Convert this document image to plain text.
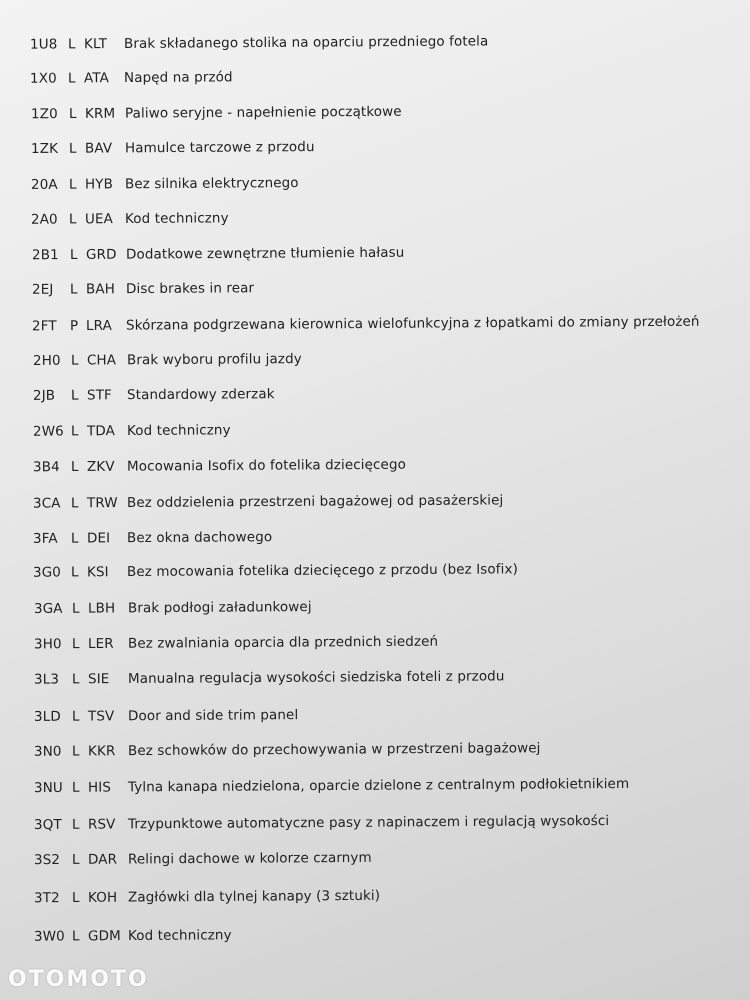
1U8 L KLT	Brak składanego stolika na oparciu przedniego fotela
1X0 L ATA	Napęd na przód
1Z0 L KRM Paliwo seryjne - napełnienie początkowe
1ZK L BAV Hamulce tarczowe z przodu
20A L HYB Bez silnika elektrycznego
2A0 L UEA Kod techniczny
2B1 L GRD Dodatkowe zewnętrzne tłumienie hałasu
2EJ	L BAH Disc brakes in rear
2FT P LRA	Skórzana podgrzewana kierownica wielofunkcyjna z łopatkami do zmiany przełożeń
2H0 L CHA Brak wyboru profilu jazdy
2JB	L STF	Standardowy zderzak
2W6 L TDA Kod techniczny
3B4 L ZKV Mocowania Isofix do fotelika dziecięcego
3CA L TRW Bez oddzielenia przestrzeni bagażowej od pasażerskiej
3FA L DEI	Bez okna dachowego
3G0 L KSI	Bez mocowania fotelika dziecięcego z przodu (bez Isofix)
3GA L LBH Brak podłogi załadunkowej
3H0 L LER	Bez zwalniania oparcia dla przednich siedzeń
3L3 L SIE	Manualna regulacja wysokości siedziska foteli z przodu
3LD L TSV	Door and side trim panel
3N0 L KKR Bez schowków do przechowywania w przestrzeni bagażowej
3NU L HIS	Tylna kanapa niedzielona, oparcie dzielone z centralnym podłokietnikiem
3QT L RSV Trzypunktowe automatyczne pasy z napinaczem i regulacją wysokości
3S2 L DAR Relingi dachowe w kolorze czarnym
3T2 L KOH Zagłówki dla tylnej kanapy (3 sztuki)
3W0 L GDM Kod techniczny
OTOMOTO
